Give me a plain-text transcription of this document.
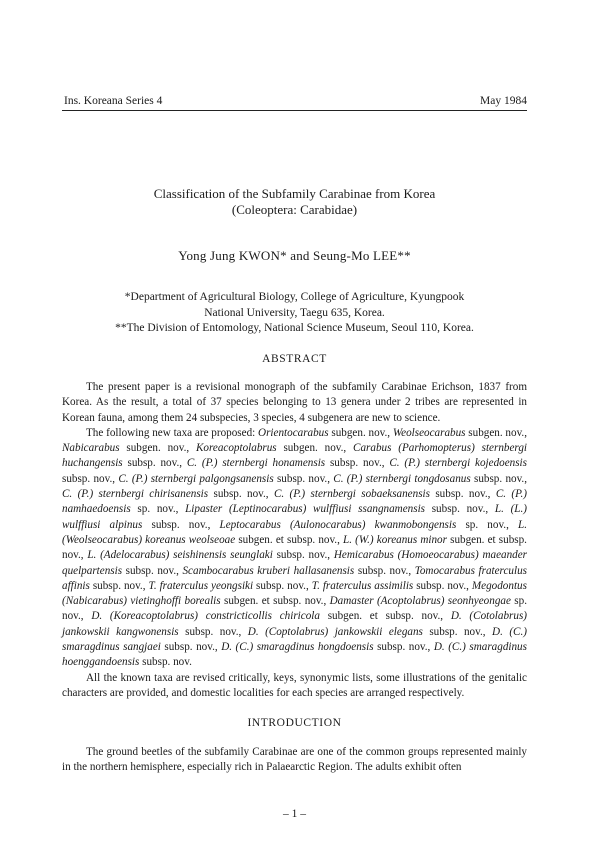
Ins. Koreana Series 4	May 1984
Classification of the Subfamily Carabinae from Korea
(Coleoptera: Carabidae)
Yong Jung KWON* and Seung-Mo LEE**
*Department of Agricultural Biology, College of Agriculture, Kyungpook
National University, Taegu 635, Korea.
**The Division of Entomology, National Science Museum, Seoul 110, Korea.
ABSTRACT

The present paper is a revisional monograph of the subfamily Carabinae Erichson, 1837 from Korea. As the result, a total of 37 species belonging to 13 genera under 2 tribes are represented in Korean fauna, among them 24 subspecies, 3 species, 4 subgenera are new to science.

The following new taxa are proposed: Orientocarabus subgen. nov., Weolseocarabus subgen. nov., Nabicarabus subgen. nov., Koreacoptolabrus subgen. nov., Carabus (Parhomopterus) sternbergi huchangensis subsp. nov., C. (P.) sternbergi honamensis subsp. nov., C. (P.) sternbergi kojedoensis subsp. nov., C. (P.) sternbergi palgongsanensis subsp. nov., C. (P.) sternbergi tongdosanus subsp. nov., C. (P.) sternbergi chirisanensis subsp. nov., C. (P.) sternbergi sobaeksanensis subsp. nov., C. (P.) namhaedoensis sp. nov., Lipaster (Leptinocarabus) wulffiusi ssangnamensis subsp. nov., L. (L.) wulffiusi alpinus subsp. nov., Leptocarabus (Aulonocarabus) kwanmobongensis sp. nov., L. (Weolseocarabus) koreanus weolseoae subgen. et subsp. nov., L. (W.) koreanus minor subgen. et subsp. nov., L. (Adelocarabus) seishinensis seunglaki subsp. nov., Hemicarabus (Homoeocarabus) maeander quelpartensis subsp. nov., Scambocarabus kruberi hallasanensis subsp. nov., Tomocarabus fraterculus affinis subsp. nov., T. fraterculus yeongsiki subsp. nov., T. fraterculus assimilis subsp. nov., Megodontus (Nabicarabus) vietinghoffi borealis subgen. et subsp. nov., Damaster (Acoptolabrus) seonhyeongae sp. nov., D. (Koreacoptolabrus) constricticollis chiricola subgen. et subsp. nov., D. (Cotolabrus) jankowskii kangwonensis subsp. nov., D. (Coptolabrus) jankowskii elegans subsp. nov., D. (C.) smaragdinus sangjaei subsp. nov., D. (C.) smaragdinus hongdoensis subsp. nov., D. (C.) smaragdinus hoenggandoensis subsp. nov.

All the known taxa are revised critically, keys, synonymic lists, some illustrations of the genitalic characters are provided, and domestic localities for each species are arranged respectively.

INTRODUCTION

The ground beetles of the subfamily Carabinae are one of the common groups represented mainly in the northern hemisphere, especially rich in Palaearctic Region. The adults exhibit often

– 1 –
